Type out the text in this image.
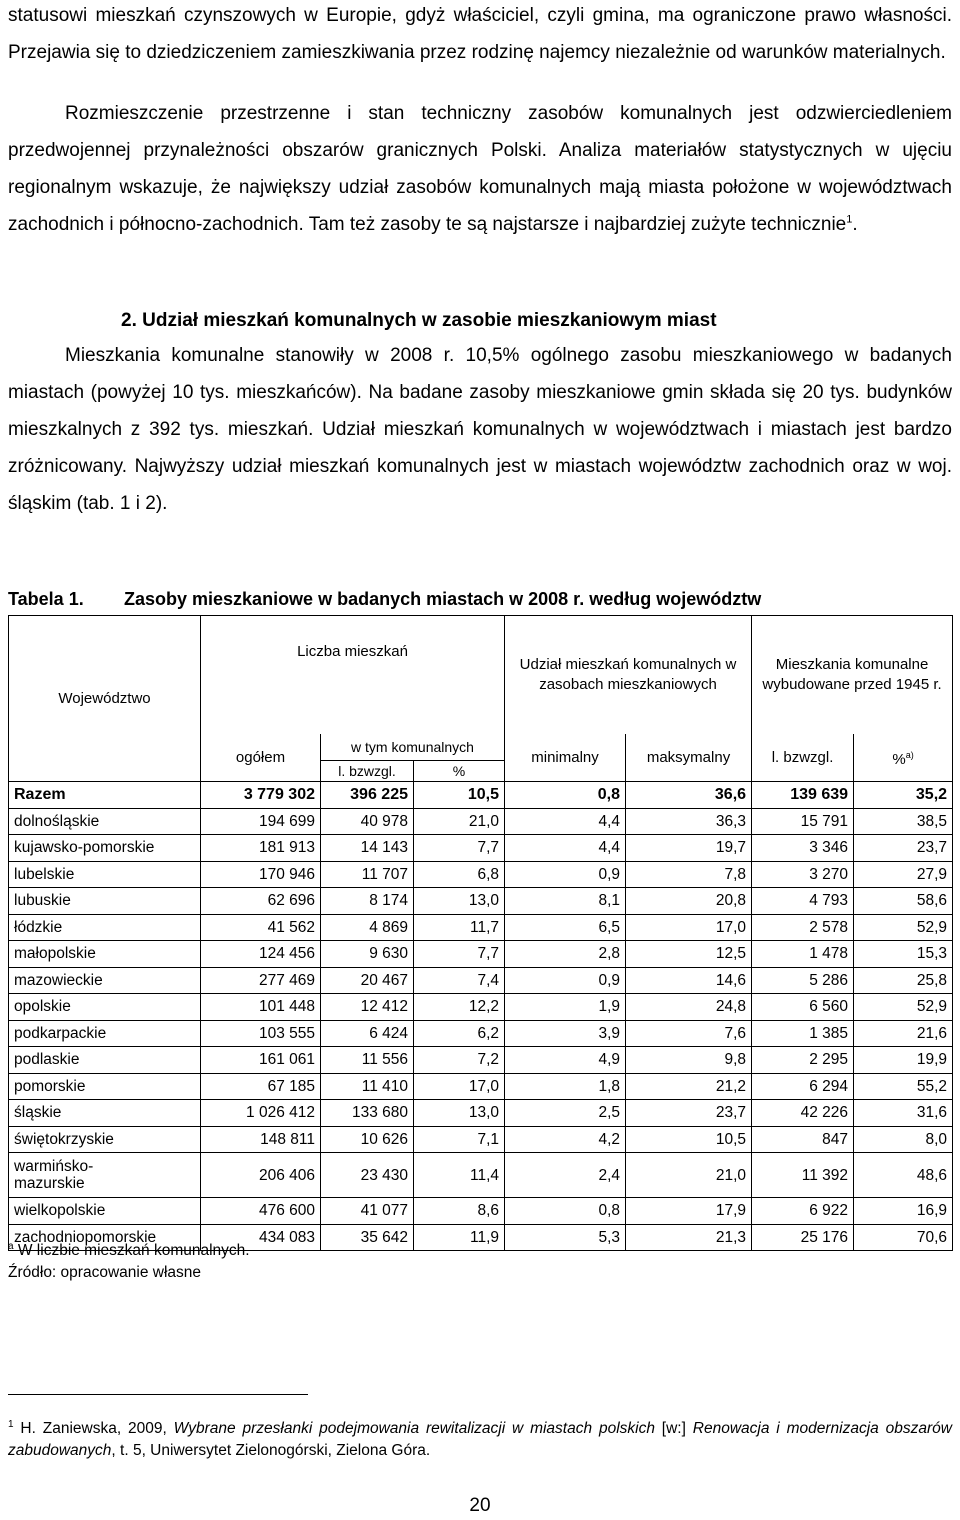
statusowi mieszkań czynszowych w Europie, gdyż właściciel, czyli gmina, ma ograniczone prawo własności. Przejawia się to dziedziczeniem zamieszkiwania przez rodzinę najemcy niezależnie od warunków materialnych.

Rozmieszczenie przestrzenne i stan techniczny zasobów komunalnych jest odzwierciedleniem przedwojennej przynależności obszarów granicznych Polski. Analiza materiałów statystycznych w ujęciu regionalnym wskazuje, że największy udział zasobów komunalnych mają miasta położone w województwach zachodnich i północno-zachodnich. Tam też zasoby te są najstarsze i najbardziej zużyte technicznie$^1$.

2. Udział mieszkań komunalnych w zasobie mieszkaniowym miast

Mieszkania komunalne stanowiły w 2008 r. 10,5% ogólnego zasobu mieszkaniowego w badanych miastach (powyżej 10 tys. mieszkańców). Na badane zasoby mieszkaniowe gmin składa się 20 tys. budynków mieszkalnych z 392 tys. mieszkań. Udział mieszkań komunalnych w województwach i miastach jest bardzo zróżnicowany. Najwyższy udział mieszkań komunalnych jest w miastach województw zachodnich oraz w woj. śląskim (tab. 1 i 2).

Tabela 1. Zasoby mieszkaniowe w badanych miastach w 2008 r. według województw
Województwo	Liczba mieszkań			Udział mieszkań komunalnych w zasobach mieszkaniowych		Mieszkania komunalne wybudowane przed 1945 r.	
	ogółem	w tym komunalnych		minimalny	maksymalny	l. bzwzgl.	%$^{a)}$
		l. bzwzgl.	%				
Razem	3 779 302	396 225	10,5	0,8	36,6	139 639	35,2
dolnośląskie	194 699	40 978	21,0	4,4	36,3	15 791	38,5
kujawsko-pomorskie	181 913	14 143	7,7	4,4	19,7	3 346	23,7
lubelskie	170 946	11 707	6,8	0,9	7,8	3 270	27,9
lubuskie	62 696	8 174	13,0	8,1	20,8	4 793	58,6
łódzkie	41 562	4 869	11,7	6,5	17,0	2 578	52,9
małopolskie	124 456	9 630	7,7	2,8	12,5	1 478	15,3
mazowieckie	277 469	20 467	7,4	0,9	14,6	5 286	25,8
opolskie	101 448	12 412	12,2	1,9	24,8	6 560	52,9
podkarpackie	103 555	6 424	6,2	3,9	7,6	1 385	21,6
podlaskie	161 061	11 556	7,2	4,9	9,8	2 295	19,9
pomorskie	67 185	11 410	17,0	1,8	21,2	6 294	55,2
śląskie	1 026 412	133 680	13,0	2,5	23,7	42 226	31,6
świętokrzyskie	148 811	10 626	7,1	4,2	10,5	847	8,0
warmińsko-
mazurskie	206 406	23 430	11,4	2,4	21,0	11 392	48,6
wielkopolskie	476 600	41 077	8,6	0,8	17,9	6 922	16,9
zachodniopomorskie	434 083	35 642	11,9	5,3	21,3	25 176	70,6
$^a$ W liczbie mieszkań komunalnych.
Źródło: opracowanie własne

$^1$ H. Zaniewska, 2009, Wybrane przesłanki podejmowania rewitalizacji w miastach polskich [w:] Renowacja i modernizacja obszarów zabudowanych, t. 5, Uniwersytet Zielonogórski, Zielona Góra.

20
